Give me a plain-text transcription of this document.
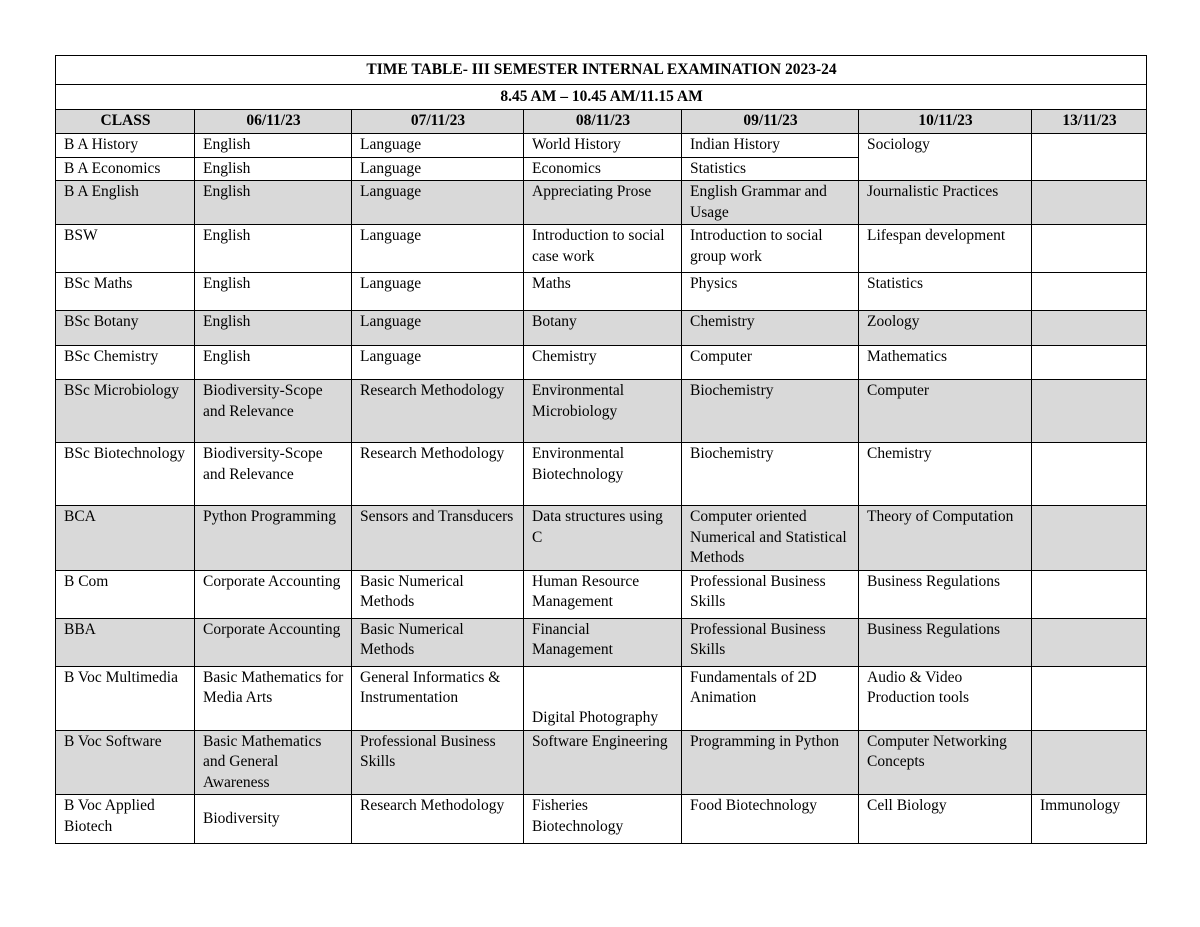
TIME TABLE- III SEMESTER INTERNAL EXAMINATION 2023-24						
8.45 AM – 10.45 AM/11.15 AM						
CLASS	06/11/23	07/11/23	08/11/23	09/11/23	10/11/23	13/11/23
B A History	English	Language	World History	Indian History	Sociology	
B A Economics	English	Language	Economics	Statistics		
B A English	English	Language	Appreciating Prose	English Grammar and Usage	Journalistic Practices	
BSW	English	Language	Introduction to social case work	Introduction to social group work	Lifespan development	
BSc Maths	English	Language	Maths	Physics	Statistics	
BSc Botany	English	Language	Botany	Chemistry	Zoology	
BSc Chemistry	English	Language	Chemistry	Computer	Mathematics	
BSc Microbiology	Biodiversity-Scope and Relevance	Research Methodology	Environmental Microbiology	Biochemistry	Computer	
BSc Biotechnology	Biodiversity-Scope and Relevance	Research Methodology	Environmental Biotechnology	Biochemistry	Chemistry	
BCA	Python Programming	Sensors and Transducers	Data structures using C	Computer oriented Numerical and Statistical Methods	Theory of Computation	
B Com	Corporate Accounting	Basic Numerical Methods	Human Resource Management	Professional Business Skills	Business Regulations	
BBA	Corporate Accounting	Basic Numerical Methods	Financial Management	Professional Business Skills	Business Regulations	
B Voc Multimedia	Basic Mathematics for Media Arts	General Informatics & Instrumentation	Digital Photography	Fundamentals of 2D Animation	Audio & Video Production tools	
B Voc Software	Basic Mathematics and General Awareness	Professional Business Skills	Software Engineering	Programming in Python	Computer Networking Concepts	
B Voc Applied Biotech	Biodiversity	Research Methodology	Fisheries Biotechnology	Food Biotechnology	Cell Biology	Immunology
